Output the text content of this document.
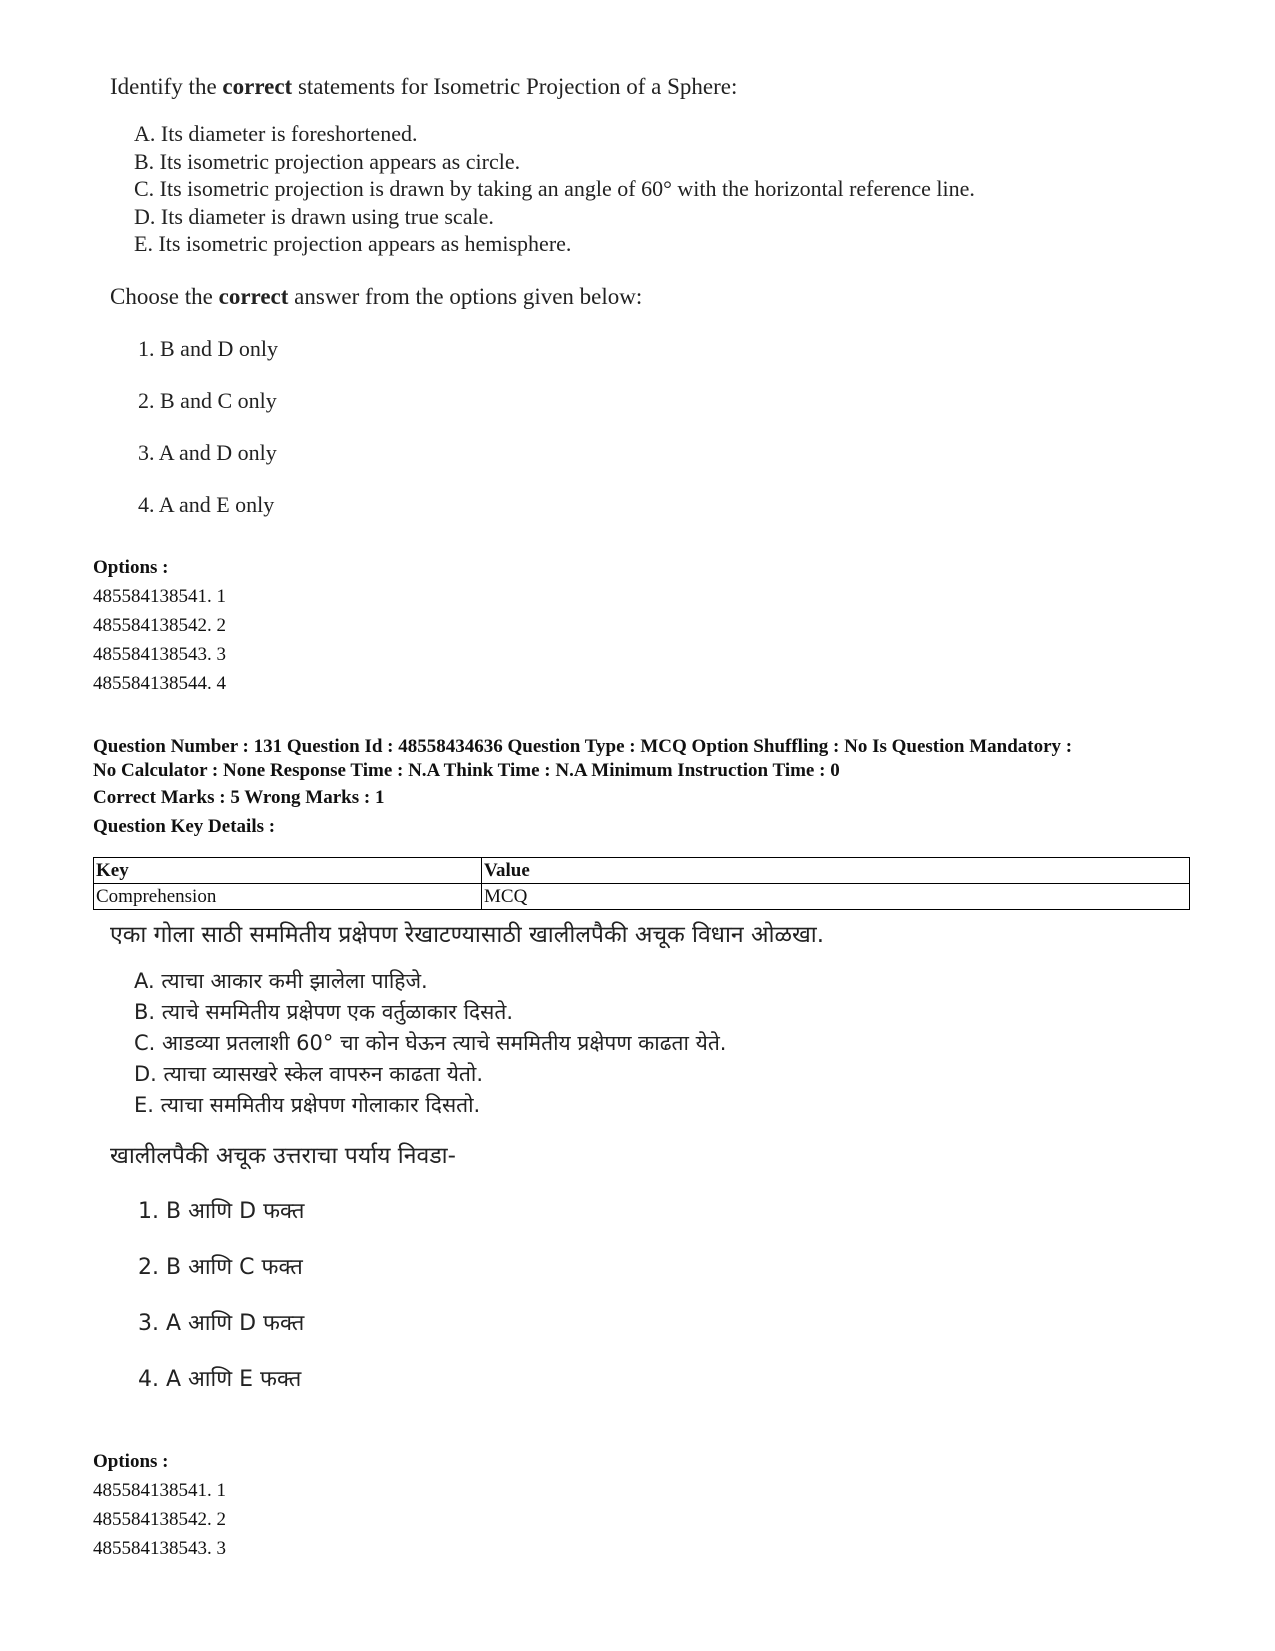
Identify the correct statements for Isometric Projection of a Sphere:

A. Its diameter is foreshortened.
B. Its isometric projection appears as circle.
C. Its isometric projection is drawn by taking an angle of 60° with the horizontal reference line.
D. Its diameter is drawn using true scale.
E. Its isometric projection appears as hemisphere.

Choose the correct answer from the options given below:

1. B and D only
2. B and C only
3. A and D only
4. A and E only
Options :
485584138541. 1
485584138542. 2
485584138543. 3
485584138544. 4
Question Number : 131 Question Id : 48558434636 Question Type : MCQ Option Shuffling : No Is Question Mandatory :
No Calculator : None Response Time : N.A Think Time : N.A Minimum Instruction Time : 0
Correct Marks : 5 Wrong Marks : 1
Question Key Details :
Key	Value
Comprehension	MCQ

एका गोला साठी सममितीय प्रक्षेपण रेखाटण्यासाठी खालीलपैकी अचूक विधान ओळखा.

A. त्याचा आकार कमी झालेला पाहिजे.
B. त्याचे सममितीय प्रक्षेपण एक वर्तुळाकार दिसते.
C. आडव्या प्रतलाशी 60° चा कोन घेऊन त्याचे सममितीय प्रक्षेपण काढता येते.
D. त्याचा व्यासखरे स्केल वापरुन काढता येतो.
E. त्याचा सममितीय प्रक्षेपण गोलाकार दिसतो.

खालीलपैकी अचूक उत्तराचा पर्याय निवडा-

1. B आणि D फक्त
2. B आणि C फक्त
3. A आणि D फक्त
4. A आणि E फक्त
Options :
485584138541. 1
485584138542. 2
485584138543. 3
